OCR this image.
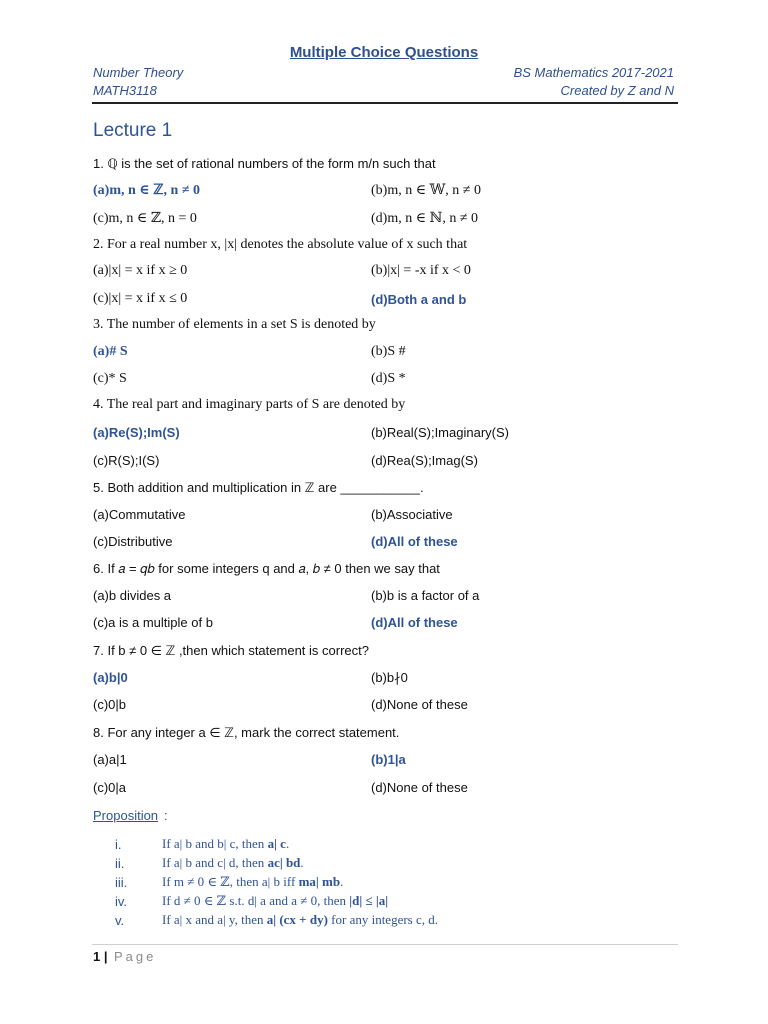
Multiple Choice Questions
Number Theory
MATH3118
BS Mathematics 2017-2021
Created by Z and N
Lecture 1
1. ℚ is the set of rational numbers of the form m/n such that
(a)m, n ∈ ℤ, n ≠ 0	(b)m, n ∈ 𝕎, n ≠ 0
(c)m, n ∈ ℤ, n = 0	(d)m, n ∈ ℕ, n ≠ 0
2. For a real number x, |x| denotes the absolute value of x such that
(a)|x| = x if x ≥ 0	(b)|x| = -x if x < 0
(c)|x| = x if x ≤ 0	(d)Both a and b
3. The number of elements in a set S is denoted by
(a)# S	(b)S #
(c)* S	(d)S *
4. The real part and imaginary parts of S are denoted by
(a)Re(S);Im(S)	(b)Real(S);Imaginary(S)
(c)R(S);I(S)	(d)Rea(S);Imag(S)
5. Both addition and multiplication in ℤ are ___________.
(a)Commutative	(b)Associative
(c)Distributive	(d)All of these
6. If 𝑎 = 𝑞𝑏 for some integers q and 𝑎, 𝑏 ≠ 0 then we say that
(a)b divides a	(b)b is a factor of a
(c)a is a multiple of b	(d)All of these
7. If b ≠ 0 ∈ ℤ ,then which statement is correct?
(a)b|0	(b)b∤0
(c)0|b	(d)None of these
8. For any integer a ∈ ℤ, mark the correct statement.
(a)a|1	(b)1|a
(c)0|a	(d)None of these
Proposition :
i.	If a| b and b| c, then a| c.
ii.	If a| b and c| d, then ac| bd.
iii.	If m ≠ 0 ∈ ℤ, then a| b iff ma| mb.
iv.	If d ≠ 0 ∈ ℤ s.t. d| a and a ≠ 0, then |d| ≤ |a|
v.	If a| x and a| y, then a| (cx + dy) for any integers c, d.
1 | Page
